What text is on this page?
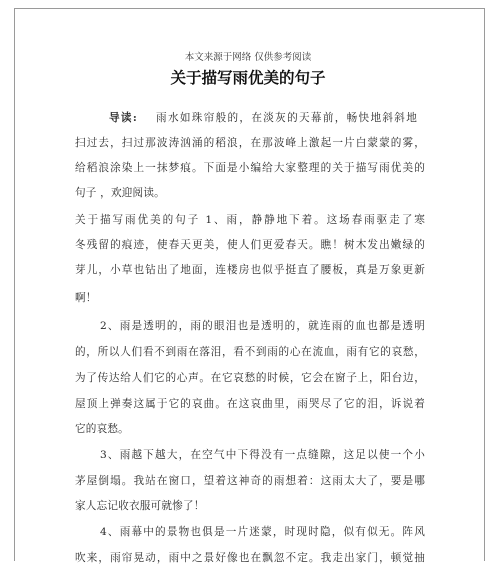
本文来源于网络 仅供参考阅读
关于描写雨优美的句子
导读: 雨水如珠帘般的，在淡灰的天幕前，畅快地斜斜地
扫过去，扫过那波涛汹涌的稻浪，在那波峰上激起一片白蒙蒙的雾，
给稻浪涂染上一抹梦痕。下面是小编给大家整理的关于描写雨优美的
句子 ，欢迎阅读。
关于描写雨优美的句子 1、雨，静静地下着。这场春雨驱走了寒
冬残留的痕迹，使春天更美，使人们更爱春天。瞧！树木发出嫩绿的
芽儿，小草也钻出了地面，连楼房也似乎挺直了腰板，真是万象更新
啊！
2、雨是透明的，雨的眼泪也是透明的，就连雨的血也都是透明
的，所以人们看不到雨在落泪，看不到雨的心在流血，雨有它的哀愁，
为了传达给人们它的心声。在它哀愁的时候，它会在窗子上，阳台边，
屋顶上弹奏这属于它的哀曲。在这哀曲里，雨哭尽了它的泪，诉说着
它的哀愁。
3、雨越下越大，在空气中下得没有一点缝隙，这足以使一个小
茅屋倒塌。我站在窗口，望着这神奇的雨想着：这雨太大了，要是哪
家人忘记收衣服可就惨了！
4、雨幕中的景物也俱是一片迷蒙，时现时隐，似有似无。阵风
吹来，雨帘晃动，雨中之景好像也在飘忽不定。我走出家门，顿觉抽
